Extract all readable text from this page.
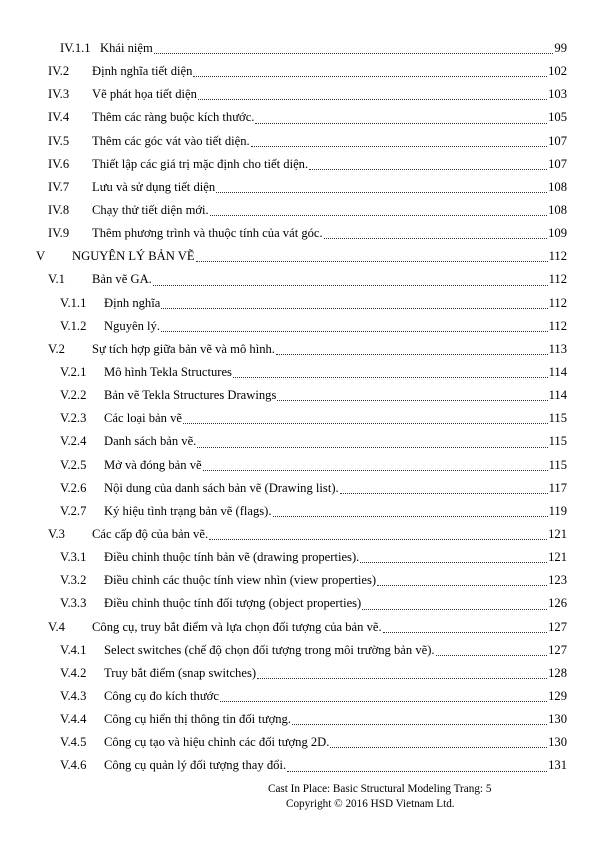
IV.1.1 Khái niệm	99
IV.2 Định nghĩa tiết diện	102
IV.3 Vẽ phát họa tiết diện	103
IV.4 Thêm các ràng buộc kích thước.	105
IV.5 Thêm các góc vát vào tiết diện.	107
IV.6 Thiết lập các giá trị mặc định cho tiết diện.	107
IV.7 Lưu và sử dụng tiết diện	108
IV.8 Chạy thử tiết diện mới.	108
IV.9 Thêm phương trình và thuộc tính của vát góc.	109
V NGUYÊN LÝ BẢN VẼ	112
V.1 Bản vẽ GA.	112
V.1.1 Định nghĩa	112
V.1.2 Nguyên lý.	112
V.2 Sự tích hợp giữa bản vẽ và mô hình.	113
V.2.1 Mô hình Tekla Structures	114
V.2.2 Bản vẽ Tekla Structures Drawings	114
V.2.3 Các loại bản vẽ	115
V.2.4 Danh sách bản vẽ.	115
V.2.5 Mở và đóng bản vẽ	115
V.2.6 Nội dung của danh sách bản vẽ (Drawing list).	117
V.2.7 Ký hiệu tình trạng bản vẽ (flags).	119
V.3 Các cấp độ của bản vẽ.	121
V.3.1 Điều chỉnh thuộc tính bản vẽ (drawing properties).	121
V.3.2 Điều chỉnh các thuộc tính view nhìn (view properties)	123
V.3.3 Điều chỉnh thuộc tính đối tượng (object properties)	126
V.4 Công cụ, truy bắt điểm và lựa chọn đối tượng của bản vẽ.	127
V.4.1 Select switches (chế độ chọn đối tượng trong môi trường bản vẽ).	127
V.4.2 Truy bắt điểm (snap switches)	128
V.4.3 Công cụ đo kích thước	129
V.4.4 Công cụ hiển thị thông tin đối tượng.	130
V.4.5 Công cụ tạo và hiệu chỉnh các đối tượng 2D.	130
V.4.6 Công cụ quản lý đối tượng thay đổi.	131
Cast In Place: Basic Structural Modeling Trang: 5
Copyright © 2016 HSD Vietnam Ltd.
